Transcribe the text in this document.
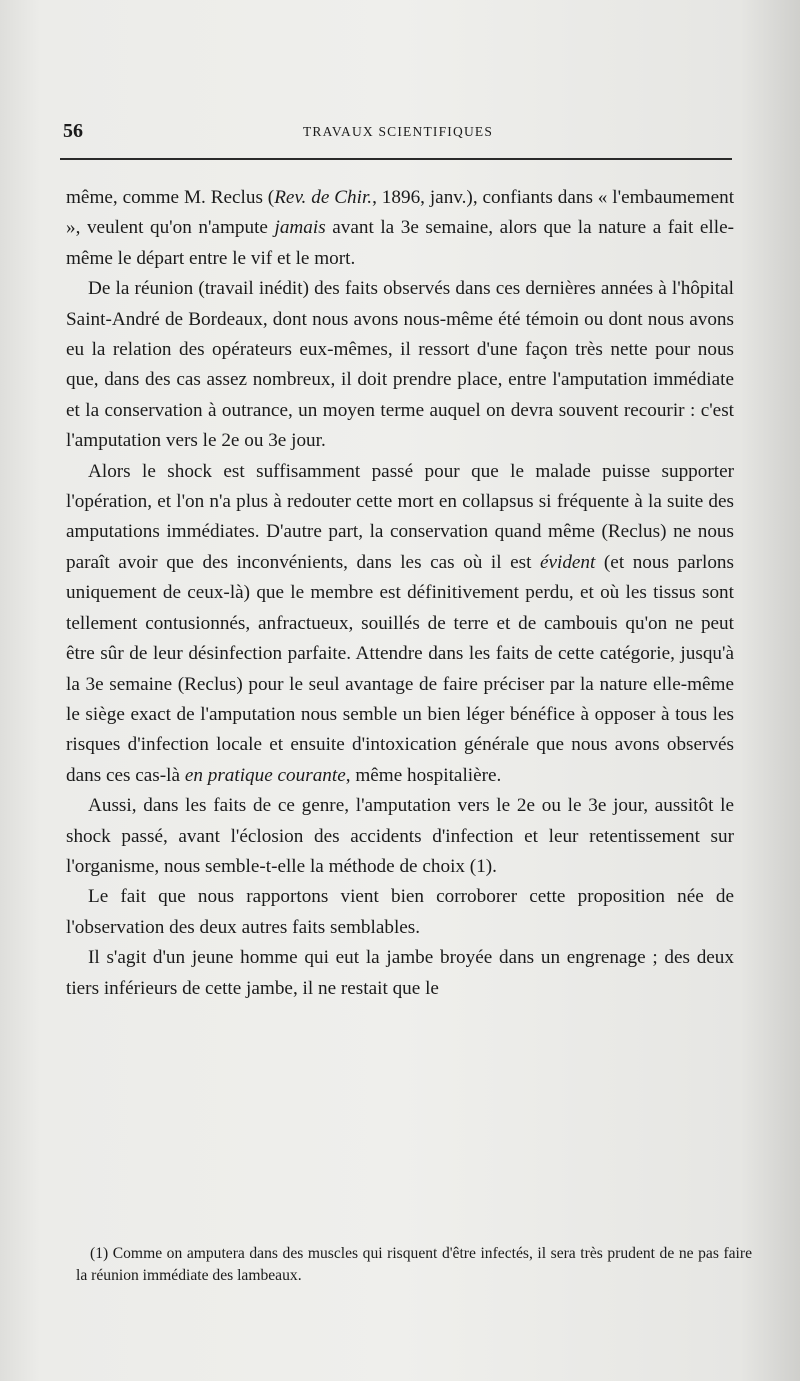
56	TRAVAUX SCIENTIFIQUES

même, comme M. Reclus (Rev. de Chir., 1896, janv.), confiants dans « l'embaumement », veulent qu'on n'ampute jamais avant la 3e semaine, alors que la nature a fait elle-même le départ entre le vif et le mort.

De la réunion (travail inédit) des faits observés dans ces dernières années à l'hôpital Saint-André de Bordeaux, dont nous avons nous-même été témoin ou dont nous avons eu la relation des opérateurs eux-mêmes, il ressort d'une façon très nette pour nous que, dans des cas assez nombreux, il doit prendre place, entre l'amputation immédiate et la conservation à outrance, un moyen terme auquel on devra souvent recourir : c'est l'amputation vers le 2e ou 3e jour.

Alors le shock est suffisamment passé pour que le malade puisse supporter l'opération, et l'on n'a plus à redouter cette mort en collapsus si fréquente à la suite des amputations immédiates. D'autre part, la conservation quand même (Reclus) ne nous paraît avoir que des inconvénients, dans les cas où il est évident (et nous parlons uniquement de ceux-là) que le membre est définitivement perdu, et où les tissus sont tellement contusionnés, anfractueux, souillés de terre et de cambouis qu'on ne peut être sûr de leur désinfection parfaite. Attendre dans les faits de cette catégorie, jusqu'à la 3e semaine (Reclus) pour le seul avantage de faire préciser par la nature elle-même le siège exact de l'amputation nous semble un bien léger bénéfice à opposer à tous les risques d'infection locale et ensuite d'intoxication générale que nous avons observés dans ces cas-là en pratique courante, même hospitalière.

Aussi, dans les faits de ce genre, l'amputation vers le 2e ou le 3e jour, aussitôt le shock passé, avant l'éclosion des accidents d'infection et leur retentissement sur l'organisme, nous semble-t-elle la méthode de choix (1).

Le fait que nous rapportons vient bien corroborer cette proposition née de l'observation des deux autres faits semblables.

Il s'agit d'un jeune homme qui eut la jambe broyée dans un engrenage ; des deux tiers inférieurs de cette jambe, il ne restait que le

(1) Comme on amputera dans des muscles qui risquent d'être infectés, il sera très prudent de ne pas faire la réunion immédiate des lambeaux.
